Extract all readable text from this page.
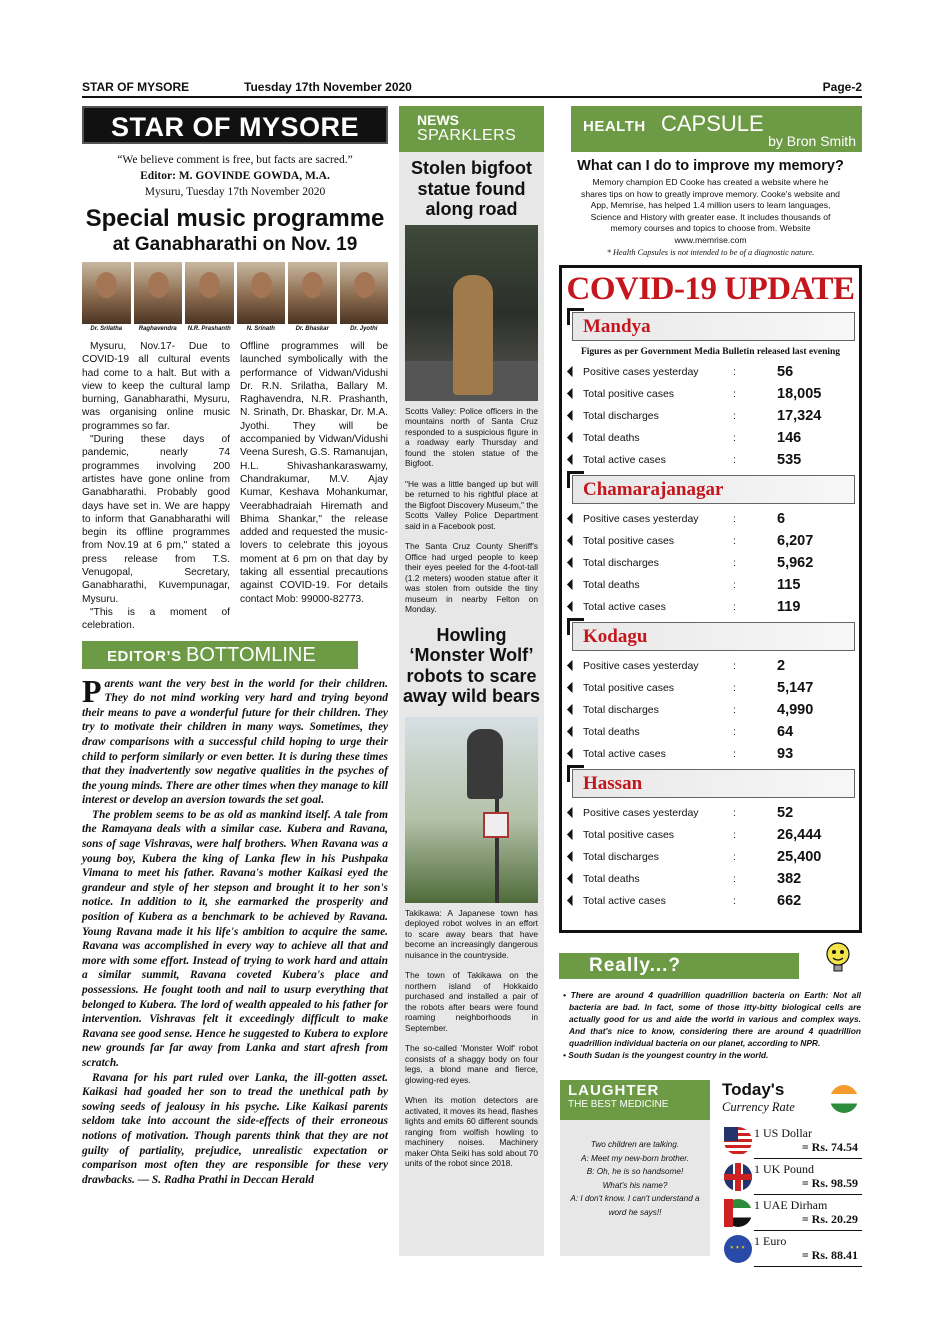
STAR OF MYSORE	Tuesday 17th November 2020	Page-2
STAR OF MYSORE
“We believe comment is free, but facts are sacred.”
Editor: M. GOVINDE GOWDA, M.A.
Mysuru, Tuesday 17th November 2020
Special music programme
at Ganabharathi on Nov. 19
Dr. Srilatha	Raghavendra	N.R. Prashanth	N. Srinath	Dr. Bhaskar	Dr. Jyothi

Mysuru, Nov.17- Due to COVID-19 all cultural events had come to a halt. But with a view to keep the cultural lamp burning, Ganabharathi, Mysuru, was organising online music programmes so far.

"During these days of pandemic, nearly 74 programmes involving 200 artistes have gone online from Ganabharathi. Probably good days have set in. We are happy to inform that Ganabharathi will begin its offline programmes from Nov.19 at 6 pm," stated a press release from T.S. Venugopal, Secretary, Ganabharathi, Kuvempunagar, Mysuru.

"This is a moment of celebration.

Offline programmes will be launched symbolically with the performance of Vidwan/Vidushi Dr. R.N. Srilatha, Ballary M. Raghavendra, N.R. Prashanth, N. Srinath, Dr. Bhaskar, Dr. M.A. Jyothi. They will be accompanied by Vidwan/Vidushi Veena Suresh, G.S. Ramanujan, H.L. Shivashankaraswamy, Chandrakumar, M.V. Ajay Kumar, Keshava Mohankumar, Veerabhadraiah Hiremath and Bhima Shankar," the release added and requested the music-lovers to celebrate this joyous moment at 6 pm on that day by taking all essential precautions against COVID-19. For details contact Mob: 99000-82773.

EDITOR’S BOTTOMLINE

Parents want the very best in the world for their children. They do not mind working very hard and trying beyond their means to pave a wonderful future for their children. They try to motivate their children in many ways. Sometimes, they draw comparisons with a successful child hoping to urge their child to perform similarly or even better. It is during these times that they inadvertently sow negative qualities in the psyches of the young minds. There are other times when they manage to kill interest or develop an aversion towards the set goal.

The problem seems to be as old as mankind itself. A tale from the Ramayana deals with a similar case. Kubera and Ravana, sons of sage Vishravas, were half brothers. When Ravana was a young boy, Kubera the king of Lanka flew in his Pushpaka Vimana to meet his father. Ravana's mother Kaikasi eyed the grandeur and style of her stepson and brought it to her son's notice. In addition to it, she earmarked the prosperity and position of Kubera as a benchmark to be achieved by Ravana. Young Ravana made it his life's ambition to acquire the same. Ravana was accomplished in every way to achieve all that and more with some effort. Instead of trying to work hard and attain a similar summit, Ravana coveted Kubera's place and possessions. He fought tooth and nail to usurp everything that belonged to Kubera. The lord of wealth appealed to his father for intervention. Vishravas felt it exceedingly difficult to make Ravana see good sense. Hence he suggested to Kubera to explore new grounds far far away from Lanka and start afresh from scratch.

Ravana for his part ruled over Lanka, the ill-gotten asset. Kaikasi had goaded her son to tread the unethical path by sowing seeds of jealousy in his psyche. Like Kaikasi parents seldom take into account the side-effects of their erroneous notions of motivation. Though parents think that they are not guilty of partiality, prejudice, unrealistic expectation or comparison most often they are responsible for these very drawbacks. — S. Radha Prathi in Deccan Herald

NEWS
SPARKLERS
Stolen bigfoot statue found along road

Scotts Valley: Police officers in the mountains north of Santa Cruz responded to a suspicious figure in a roadway early Thursday and found the stolen statue of the Bigfoot.

"He was a little banged up but will be returned to his rightful place at the Bigfoot Discovery Museum," the Scotts Valley Police Department said in a Facebook post.

The Santa Cruz County Sheriff's Office had urged people to keep their eyes peeled for the 4-foot-tall (1.2 meters) wooden statue after it was stolen from outside the tiny museum in nearby Felton on Monday.

Howling ‘Monster Wolf’ robots to scare away wild bears

Takikawa: A Japanese town has deployed robot wolves in an effort to scare away bears that have become an increasingly dangerous nuisance in the countryside.

The town of Takikawa on the northern island of Hokkaido purchased and installed a pair of the robots after bears were found roaming neighborhoods in September.

The so-called 'Monster Wolf' robot consists of a shaggy body on four legs, a blond mane and fierce, glowing-red eyes.

When its motion detectors are activated, it moves its head, flashes lights and emits 60 different sounds ranging from wolfish howling to machinery noises. Machinery maker Ohta Seiki has sold about 70 units of the robot since 2018.

HEALTH CAPSULE
by Bron Smith
What can I do to improve my memory?
Memory champion ED Cooke has created a website where he shares tips on how to greatly improve memory. Cooke's website and App, Memrise, has helped 1.4 million users to learn languages, Science and History with greater ease. It includes thousands of memory courses and topics to choose from. Website www.memrise.com
* Health Capsules is not intended to be of a diagnostic nature.
COVID-19 UPDATE
Mandya
Figures as per Government Media Bulletin released last evening
Positive cases yesterday	:	56
Total positive cases	:	18,005
Total discharges	:	17,324
Total deaths	:	146
Total active cases	:	535
Chamarajanagar
Positive cases yesterday	:	6
Total positive cases	:	6,207
Total discharges	:	5,962
Total deaths	:	115
Total active cases	:	119
Kodagu
Positive cases yesterday	:	2
Total positive cases	:	5,147
Total discharges	:	4,990
Total deaths	:	64
Total active cases	:	93
Hassan
Positive cases yesterday	:	52
Total positive cases	:	26,444
Total discharges	:	25,400
Total deaths	:	382
Total active cases	:	662
Really...?

• There are around 4 quadrillion quadrillion bacteria on Earth: Not all bacteria are bad. In fact, some of those itty-bitty biological cells are actually good for us and aide the world in various and complex ways. And that's nice to know, considering there are around 4 quadrillion quadrillion individual bacteria on our planet, according to NPR.

• South Sudan is the youngest country in the world.

LAUGHTER
THE BEST MEDICINE
Two children are talking.
A: Meet my new-born brother.
B: Oh, he is so handsome!
What's his name?
A: I don't know. I can't understand a word he says!!
Today's
Currency Rate
1 US Dollar
= Rs. 74.54
1 UK Pound
= Rs. 98.59
1 UAE Dirham
= Rs. 20.29
⋆⋆⋆
1 Euro
= Rs. 88.41
